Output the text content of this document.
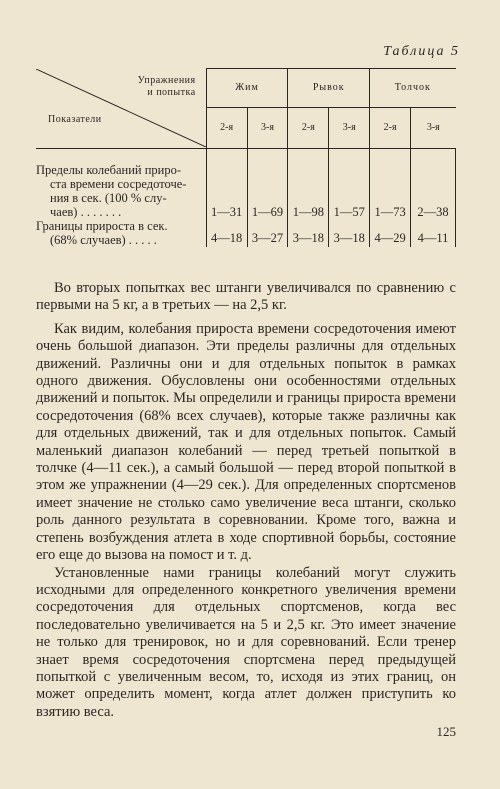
Таблица 5
Упражнения
и попытка
Показатели	Жим		Рывок		Толчок	
	2-я	3-я	2-я	3-я	2-я	3-я

Пределы колебаний приро-
ста времени сосредоточе-
ния в сек. (100 % слу-
чаев) . . . . . . .	1—31	1—69	1—98	1—57	1—73	2—38

Границы прироста в сек.
(68% случаев) . . . . .	4—18	3—27	3—18	3—18	4—29	4—11

Во вторых попытках вес штанги увеличивался по сравнению с первыми на 5 кг, а в третьих — на 2,5 кг.

Как видим, колебания прироста времени сосредоточения имеют очень большой диапазон. Эти пределы различны для отдельных движений. Различны они и для отдельных попыток в рамках одного движения. Обусловлены они особенностями отдельных движений и попыток. Мы определили и границы прироста времени сосредоточения (68% всех случаев), которые также различны как для отдельных движений, так и для отдельных попыток. Самый маленький диапазон колебаний — перед третьей попыткой в толчке (4—11 сек.), а самый большой — перед второй попыткой в этом же упражнении (4—29 сек.). Для определенных спортсменов имеет значение не столько само увеличение веса штанги, сколько роль данного результата в соревновании. Кроме того, важна и степень возбуждения атлета в ходе спортивной борьбы, состояние его еще до вызова на помост и т. д.

Установленные нами границы колебаний могут служить исходными для определенного конкретного увеличения времени сосредоточения для отдельных спортсменов, когда вес последовательно увеличивается на 5 и 2,5 кг. Это имеет значение не только для тренировок, но и для соревнований. Если тренер знает время сосредоточения спортсмена перед предыдущей попыткой с увеличенным весом, то, исходя из этих границ, он может определить момент, когда атлет должен приступить ко взятию веса.

125
